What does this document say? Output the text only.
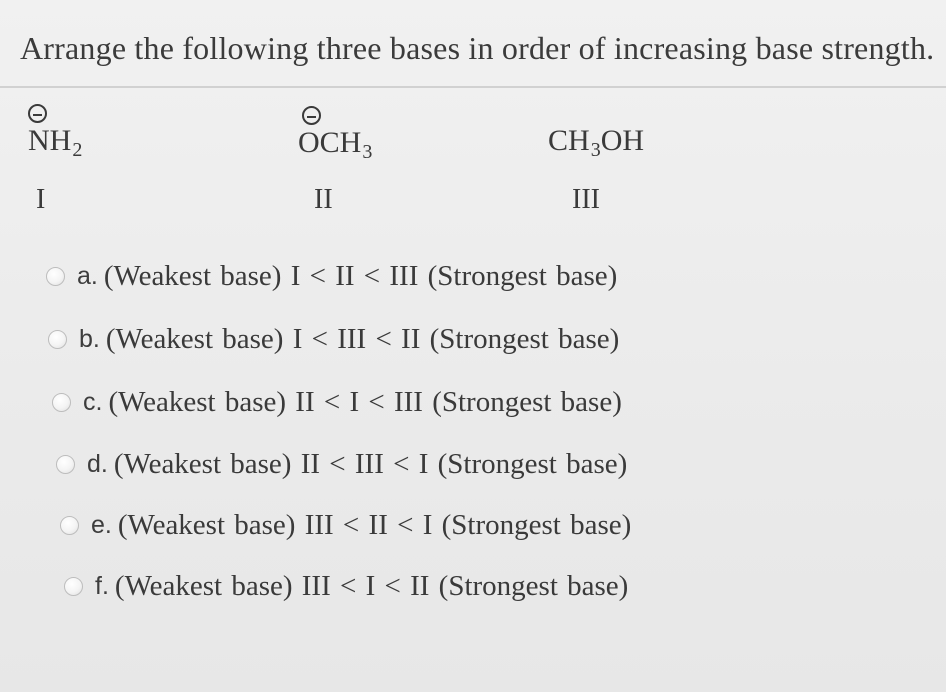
Arrange the following three bases in order of increasing base strength.
$NH_2$
I
$OCH_3$
II
$CH_3OH$
III
a. (Weakest base) I < II < III (Strongest base)
b. (Weakest base) I < III < II (Strongest base)
c. (Weakest base) II < I < III (Strongest base)
d. (Weakest base) II < III < I (Strongest base)
e. (Weakest base) III < II < I (Strongest base)
f. (Weakest base) III < I < II (Strongest base)
